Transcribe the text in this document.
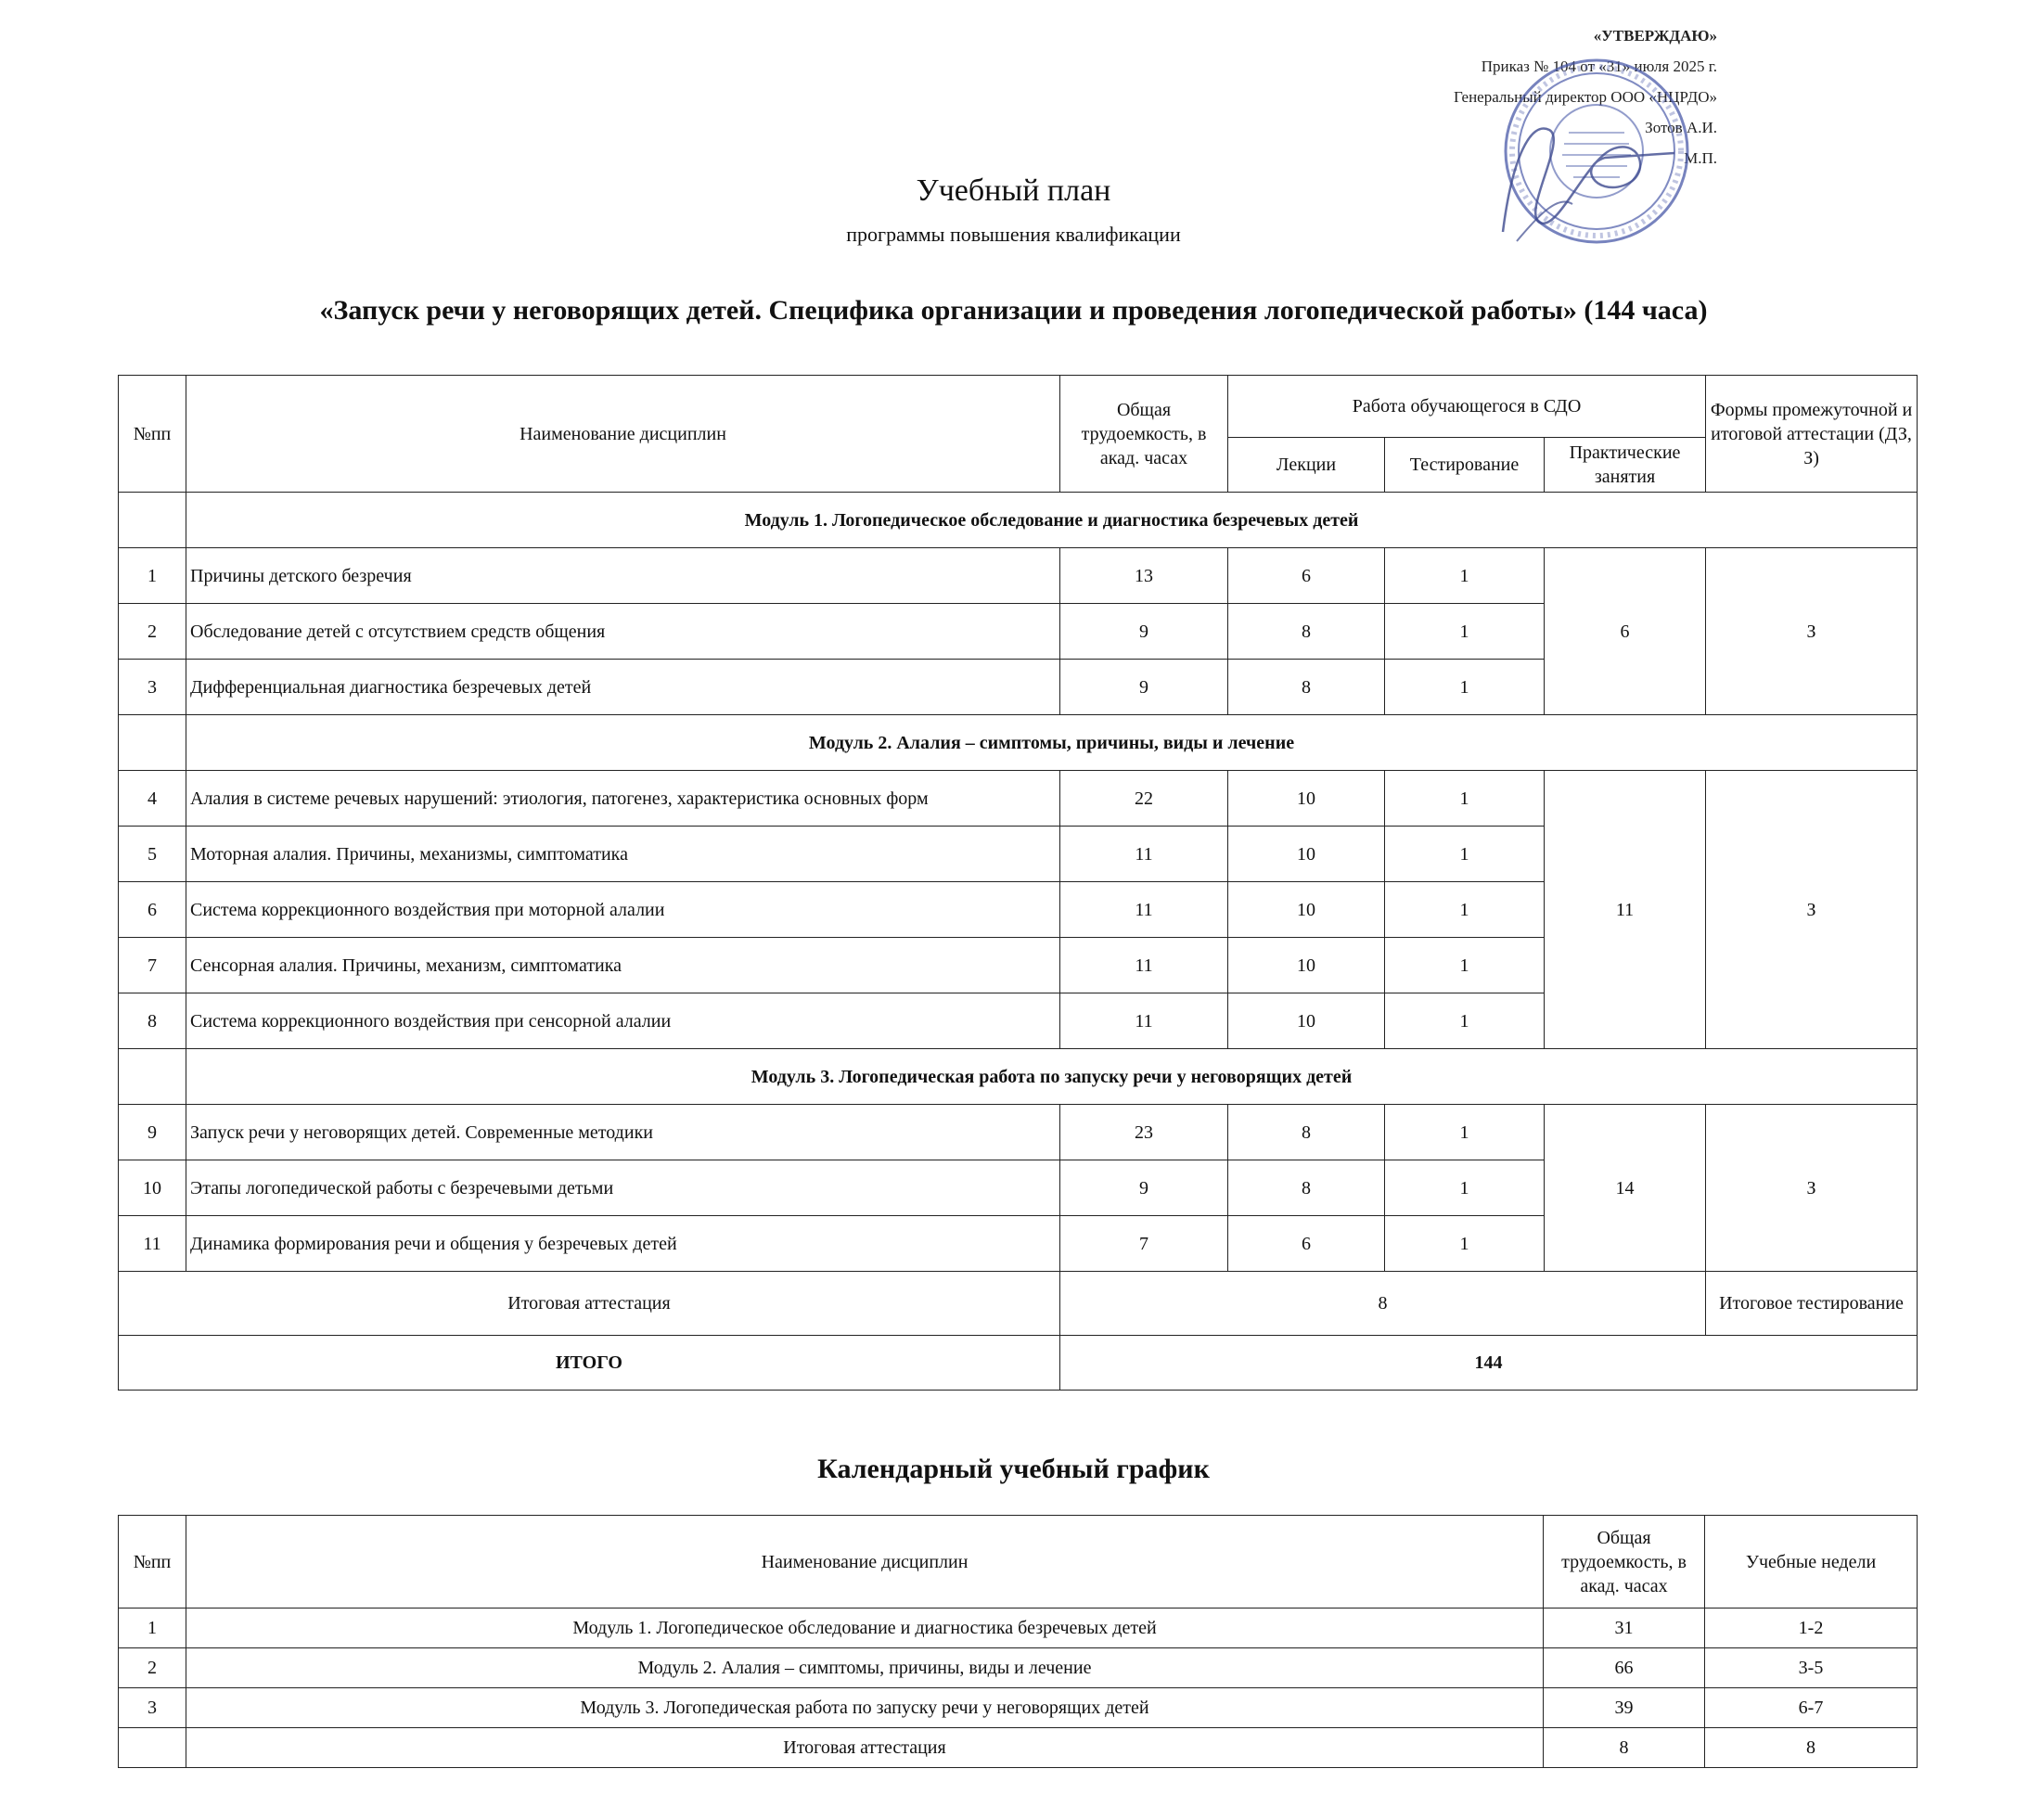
«УТВЕРЖДАЮ»
Приказ № 104 от «31» июля 2025 г.
Генеральный директор ООО «НЦРДО»
Зотов А.И.
М.П.
Учебный план
программы повышения квалификации
«Запуск речи у неговорящих детей. Специфика организации и проведения логопедической работы» (144 часа)
№пп	Наименование дисциплин	Общая трудоемкость, в акад. часах	Работа обучающегося в СДО			Формы промежуточной и итоговой аттестации (ДЗ, З)
			Лекции	Тестирование	Практические занятия	
	Модуль 1. Логопедическое обследование и диагностика безречевых детей					
1	Причины детского безречия	13	6	1	6	З
2	Обследование детей с отсутствием средств общения	9	8	1		
3	Дифференциальная диагностика безречевых детей	9	8	1		
	Модуль 2. Алалия – симптомы, причины, виды и лечение					
4	Алалия в системе речевых нарушений: этиология, патогенез, характеристика основных форм	22	10	1	11	З
5	Моторная алалия. Причины, механизмы, симптоматика	11	10	1		
6	Система коррекционного воздействия при моторной алалии	11	10	1		
7	Сенсорная алалия. Причины, механизм, симптоматика	11	10	1		
8	Система коррекционного воздействия при сенсорной алалии	11	10	1		
	Модуль 3. Логопедическая работа по запуску речи у неговорящих детей					
9	Запуск речи у неговорящих детей. Современные методики	23	8	1	14	З
10	Этапы логопедической работы с безречевыми детьми	9	8	1		
11	Динамика формирования речи и общения у безречевых детей	7	6	1		
Итоговая аттестация		8				Итоговое тестирование
ИТОГО		144				
Календарный учебный график
№пп	Наименование дисциплин	Общая трудоемкость, в акад. часах	Учебные недели
1	Модуль 1. Логопедическое обследование и диагностика безречевых детей	31	1-2
2	Модуль 2. Алалия – симптомы, причины, виды и лечение	66	3-5
3	Модуль 3. Логопедическая работа по запуску речи у неговорящих детей	39	6-7
	Итоговая аттестация	8	8
